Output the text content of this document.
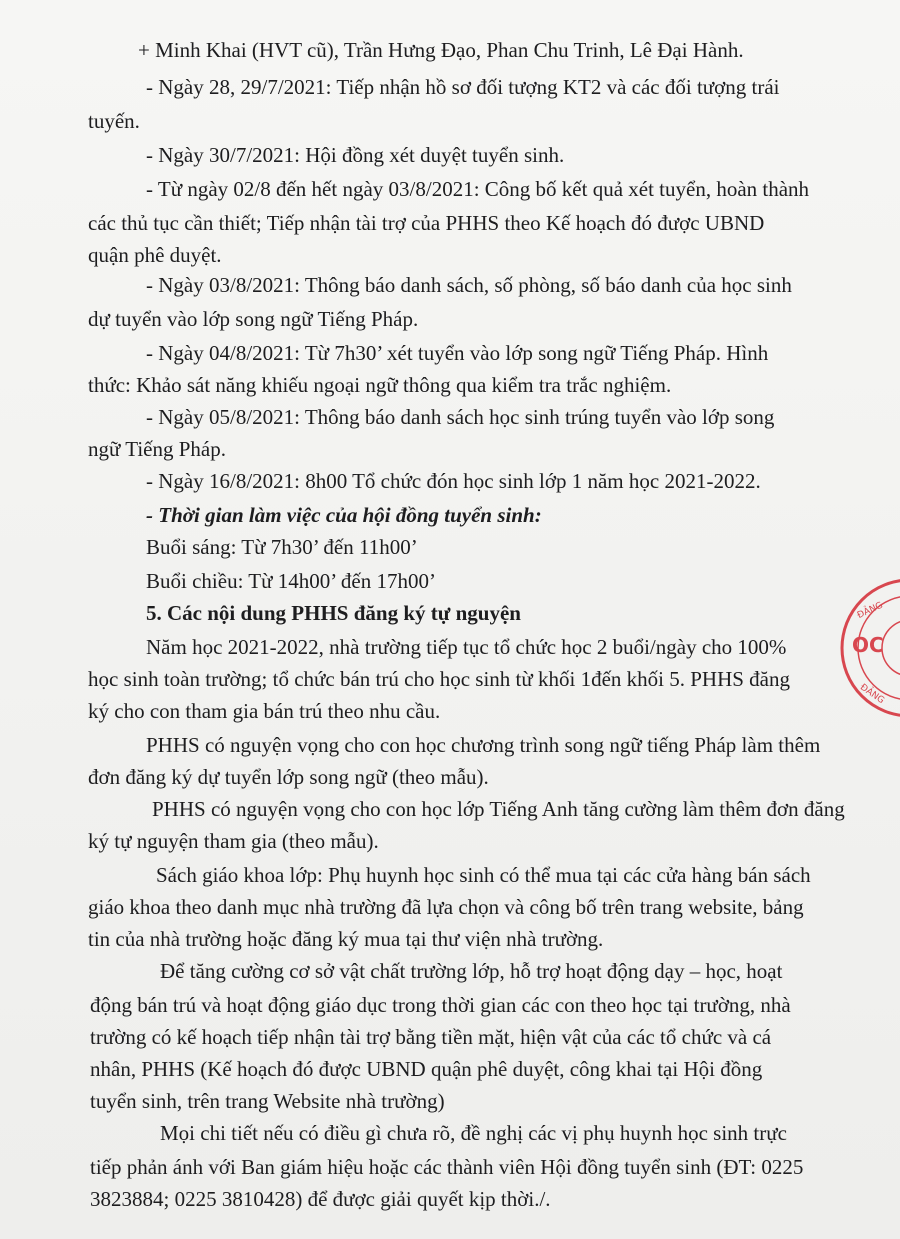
+ Minh Khai (HVT cũ), Trần Hưng Đạo, Phan Chu Trinh, Lê Đại Hành.
- Ngày 28, 29/7/2021: Tiếp nhận hồ sơ đối tượng KT2 và các đối tượng trái
tuyến.
- Ngày 30/7/2021: Hội đồng xét duyệt tuyển sinh.
- Từ ngày 02/8 đến hết ngày 03/8/2021: Công bố kết quả xét tuyển, hoàn thành
các thủ tục cần thiết; Tiếp nhận tài trợ của PHHS theo Kế hoạch đó được UBND
quận phê duyệt.
- Ngày 03/8/2021: Thông báo danh sách, số phòng, số báo danh của học sinh
dự tuyển vào lớp song ngữ Tiếng Pháp.
- Ngày 04/8/2021: Từ 7h30’ xét tuyển vào lớp song ngữ Tiếng Pháp. Hình
thức: Khảo sát năng khiếu ngoại ngữ thông qua kiểm tra trắc nghiệm.
- Ngày 05/8/2021: Thông báo danh sách học sinh trúng tuyển vào lớp song
ngữ Tiếng Pháp.
- Ngày 16/8/2021: 8h00 Tổ chức đón học sinh lớp 1 năm học 2021-2022.
- Thời gian làm việc của hội đồng tuyển sinh:
Buổi sáng: Từ 7h30’ đến 11h00’
Buổi chiều: Từ 14h00’ đến 17h00’
5. Các nội dung PHHS đăng ký tự nguyện
Năm học 2021-2022, nhà trường tiếp tục tổ chức học 2 buổi/ngày cho 100%
học sinh toàn trường; tổ chức bán trú cho học sinh từ khối 1đến khối 5. PHHS đăng
ký cho con tham gia bán trú theo nhu cầu.
PHHS có nguyện vọng cho con học chương trình song ngữ tiếng Pháp làm thêm
đơn đăng ký dự tuyển lớp song ngữ (theo mẫu).
PHHS có nguyện vọng cho con học lớp Tiếng Anh tăng cường làm thêm đơn đăng
ký tự nguyện tham gia (theo mẫu).
Sách giáo khoa lớp: Phụ huynh học sinh có thể mua tại các cửa hàng bán sách
giáo khoa theo danh mục nhà trường đã lựa chọn và công bố trên trang website, bảng
tin của nhà trường hoặc đăng ký mua tại thư viện nhà trường.
Để tăng cường cơ sở vật chất trường lớp, hỗ trợ hoạt động dạy – học, hoạt
động bán trú và hoạt động giáo dục trong thời gian các con theo học tại trường, nhà
trường có kế hoạch tiếp nhận tài trợ bằng tiền mặt, hiện vật của các tổ chức và cá
nhân, PHHS (Kế hoạch đó được UBND quận phê duyệt, công khai tại Hội đồng
tuyển sinh, trên trang Website nhà trường)
Mọi chi tiết nếu có điều gì chưa rõ, đề nghị các vị phụ huynh học sinh trực
tiếp phản ánh với Ban giám hiệu hoặc các thành viên Hội đồng tuyển sinh (ĐT: 0225
3823884; 0225 3810428) để được giải quyết kịp thời./.
OC
ĐẢNG
ĐẢNG
